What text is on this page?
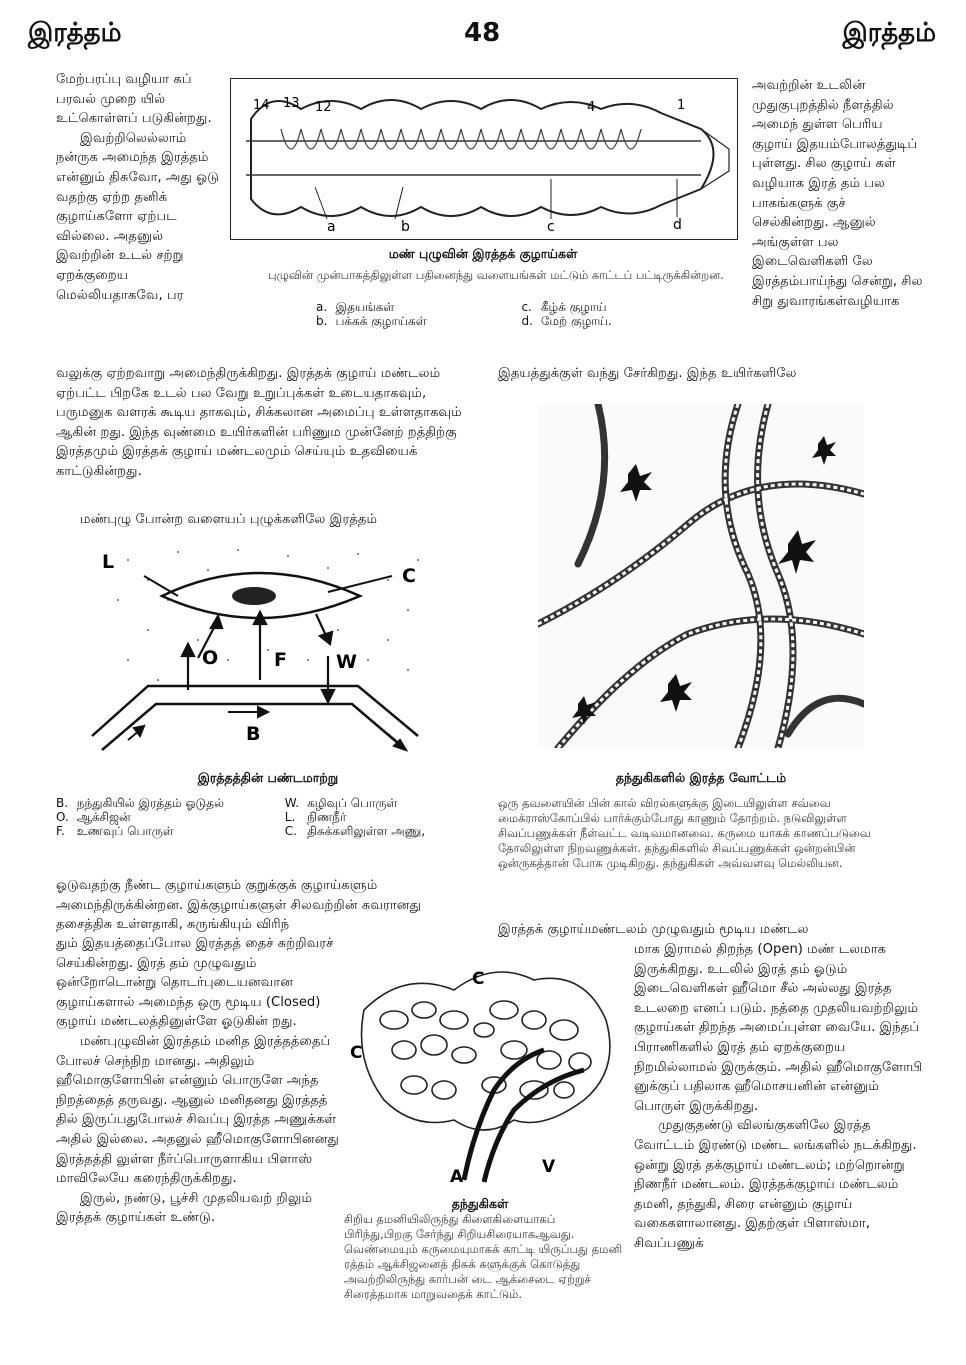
இரத்தம்	48	இரத்தம்

மேற்பரப்பு வழியா கப் பரவல் முறை யில் உட்கொள்ளப் படுகின்றது.

இவற்றிலெல்லாம் நன்ருக அமைந்த இரத்தம் என்னும் திசுவோ, அது ஓடு வதற்கு ஏற்ற தனிக் குழாய்களோ ஏற்பட வில்லை. அதனுல் இவற்றின் உடல் சற்று ஏறக்குறைய மெல்லியதாகவே, பர

14 13 12	4	1
a	b	c	d
மண் புழுவின் இரத்தக் குழாய்கள்
புழுவின் முன்பாகத்திலுள்ள பதினைந்து வளையங்கள் மட்டும் காட்டப் பட்டிருக்கின்றன.
a.	இதயங்கள்	c.	கீழ்க் குழாய்
b.	பக்கக் குழாய்கள்	d.	மேற் குழாய்.
அவற்றின் உடலின் முதுகுபுறத்தில் நீளத்தில் அமைந் துள்ள பெரிய குழாய் இதயம்போலத்துடிப் புள்ளது. சில குழாய் கள் வழியாக இரத் தம் பல பாகங்களுக் குச் செல்கின்றது. ஆனுல் அங்குள்ள பல இடைவெளிகளி லே இரத்தம்பாய்ந்து சென்று, சில சிறு துவாரங்கள்வழியாக
வலுக்கு ஏற்றவாறு அமைந்திருக்கிறது. இரத்தக் குழாய் மண்டலம் ஏற்பட்ட பிறகே உடல் பல வேறு உறுப்புக்கள் உடையதாகவும், பருமனுக வளரக் கூடிய தாகவும், சிக்கலான அமைப்பு உள்ளதாகவும் ஆகின் றது. இந்த வுண்மை உயிர்களின் பரிணும முன்னேற் றத்திற்கு இரத்தமும் இரத்தக் குழாய் மண்டலமும் செய்யும் உதவியைக் காட்டுகின்றது.
மண்புழு போன்ற வளையப் புழுக்களிலே இரத்தம்
இதயத்துக்குள் வந்து சேர்கிறது. இந்த உயிர்களிலே
L
C
O	F	W
B
இரத்தத்தின் பண்டமாற்று
B.	நந்துகியில் இரத்தம் ஓடுதல்	W.	கழிவுப் பொருள்
O.	ஆக்சிஜன்	L.	நிணநீர்
F.	உணவுப் பொருள்	C.	திசுக்களிலுள்ள அணு,
தந்துகிகளில் இரத்த வோட்டம்
ஒரு தவளையின் பின் கால் விரல்களுக்கு இடையிலுள்ள சவ்வை மைக்ராஸ்கோப்பில் பார்க்கும்போது காணும் தோற்றம். நடுவிலுள்ள சிவப்பணுக்கள் நீள்வட்ட வடிவமானவை. கருமை யாகக் காணப்படுவை தோலிலுள்ள நிறவணுக்கள். தந்துகிகளில் சிவப்பணுக்கள் ஒன்றன்பின் ஒன்ருகத்தான் போக முடிகிறது. தந்துகிகள் அவ்வளவு மெல்லியன.
ஓடுவதற்கு நீண்ட குழாய்களும் குறுக்குக் குழாய்களும் அமைந்திருக்கின்றன. இக்குழாய்களுள் சிலவற்றின் சுவரானது தசைத்திசு உள்ளதாகி, சுருங்கியும் விரிந்

தும் இதயத்தைப்போல இரத்தத் தைச் சுற்றிவரச் செய்கின்றது. இரத் தம் முழுவதும் ஒன்றோடொன்று தொடர்புடையனவான குழாய்களால் அமைந்த ஒரு மூடிய (Closed) குழாய் மண்டலத்தினுள்ளே ஓடுகின் றது.

மண்புழுவின் இரத்தம் மனித இரத்தத்தைப் போலச் செந்நிற மானது. அதிலும் ஹீமொகுளோபின் என்னும் பொருளே அந்த நிறத்தைத் தருவது. ஆனுல் மனிதனது இரத்தத் தில் இருப்பதுபோலச் சிவப்பு இரத்த அணுக்கள் அதில் இல்லை. அதனுல் ஹீமொகுளோபினனது இரத்தத்தி லுள்ள நீர்ப்பொருளாகிய பிளாஸ் மாவிலேயே கரைந்திருக்கிறது.

இருல், நண்டு, பூச்சி முதலியவற் றிலும் இரத்தக் குழாய்கள் உண்டு.

C
C
A	V
தந்துகிகள்
சிறிய தமனியிலிருந்து கிளைகிளையாகப் பிரிந்து,பிறகு சேர்ந்து சிறியசிரையாகஆவது. வெண்மையும் கருமையுமாகக் காட்டி யிருப்பது தமனி ரத்தம் ஆக்சிஜனைத் திசுக் களுக்குக் கொடுத்து அவற்றிலிருந்து கார்பன் டை ஆக்சைடை ஏற்றுச் சிரைத்தமாக மாறுவதைக் காட்டும்.
இரத்தக் குழாய்மண்டலம் முழுவதும் மூடிய மண்டல

மாக இராமல் திறந்த (Open) மண் டலமாக இருக்கிறது. உடலில் இரத் தம் ஓடும் இடைவெளிகள் ஹீமொ சீல் அல்லது இரத்த உடலறை எனப் படும். நத்தை முதலியவற்றிலும் குழாய்கள் திறந்த அமைப்புள்ள வையே. இந்தப் பிராணிகளில் இரத் தம் ஏறக்குறைய நிறமில்லாமல் இருக்கும். அதில் ஹீமொகுளோபி னுக்குப் பதிலாக ஹீமொசயனின் என்னும் பொருள் இருக்கிறது.

முதுகுதண்டு விலங்குகளிலே இரத்த வோட்டம் இரண்டு மண்ட லங்களில் நடக்கிறது. ஒன்று இரத் தக்குழாய் மண்டலம்; மற்றொன்று நிணநீர் மண்டலம். இரத்தக்குழாய் மண்டலம் தமனி, தந்துகி, சிரை என்னும் குழாய் வகைகளாலானது. இதற்குள் பிளாஸ்மா, சிவப்பணுக்
